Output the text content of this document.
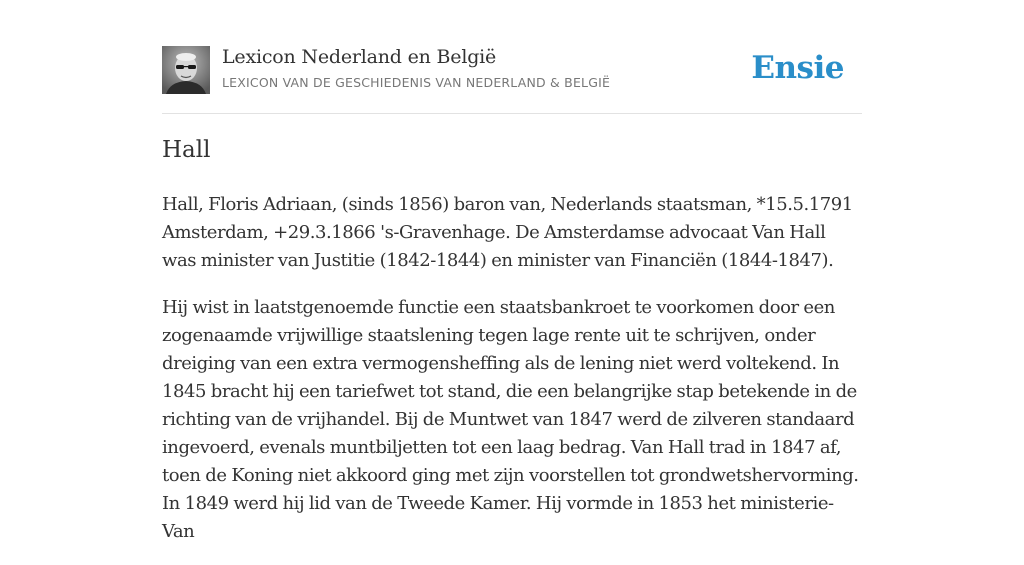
Lexicon Nederland en België
LEXICON VAN DE GESCHIEDENIS VAN NEDERLAND & BELGIË	Ensie
Hall

Hall, Floris Adriaan, (sinds 1856) baron van, Nederlands staatsman, *15.5.1791 Amsterdam, +29.3.1866 's-Gravenhage. De Amsterdamse advocaat Van Hall was minister van Justitie (1842-1844) en minister van Financiën (1844-1847).

Hij wist in laatstgenoemde functie een staatsbankroet te voorkomen door een zogenaamde vrijwillige staatslening tegen lage rente uit te schrijven, onder dreiging van een extra vermogensheffing als de lening niet werd voltekend. In 1845 bracht hij een tariefwet tot stand, die een belangrijke stap betekende in de richting van de vrijhandel. Bij de Muntwet van 1847 werd de zilveren standaard ingevoerd, evenals muntbiljetten tot een laag bedrag. Van Hall trad in 1847 af, toen de Koning niet akkoord ging met zijn voorstellen tot grondwetshervorming. In 1849 werd hij lid van de Tweede Kamer. Hij vormde in 1853 het ministerie-Van
